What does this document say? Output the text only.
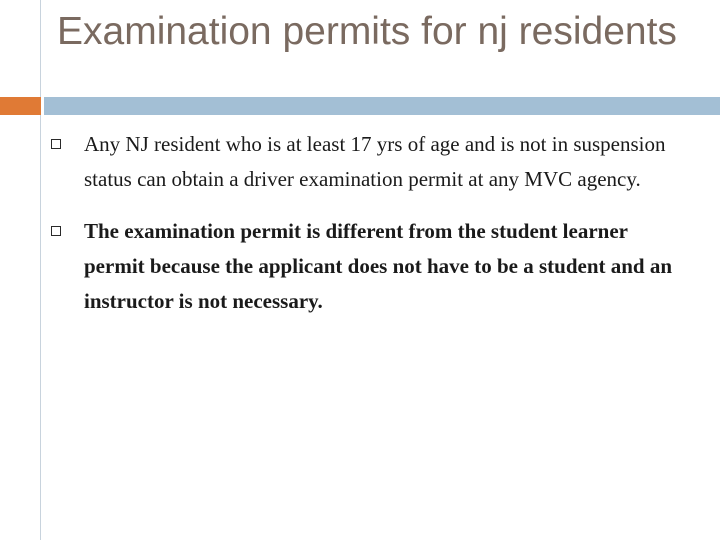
Examination permits for nj residents
Any NJ resident who is at least 17 yrs of age and is not in suspension status can obtain a driver examination permit at any MVC agency.
The examination permit is different from the student learner permit because the applicant does not have to be a student and an instructor is not necessary.
